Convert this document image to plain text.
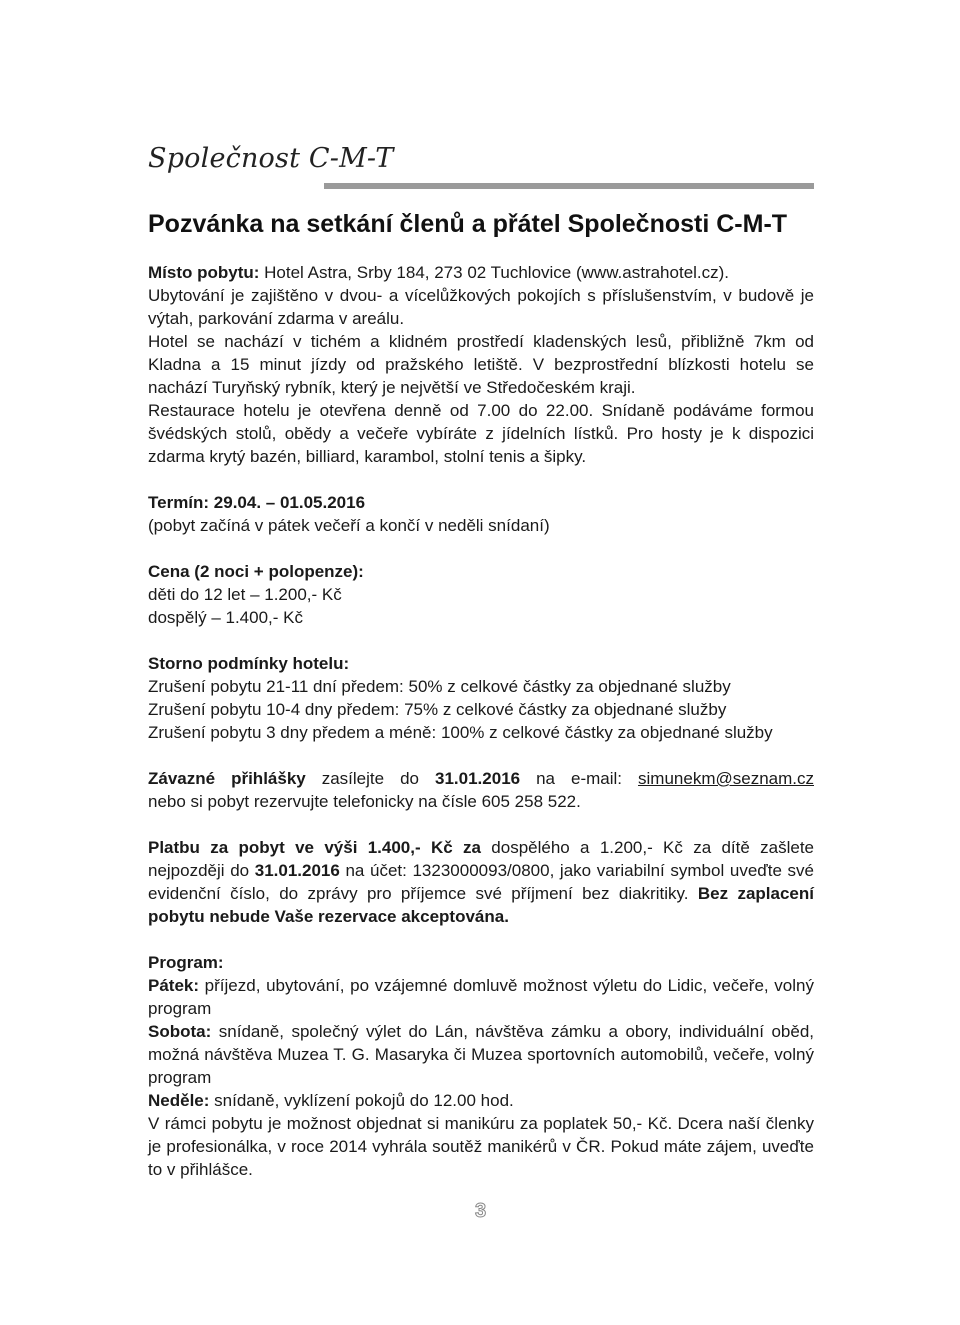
Společnost C-M-T
Pozvánka na setkání členů a přátel Společnosti C-M-T

Místo pobytu: Hotel Astra, Srby 184, 273 02 Tuchlovice (www.astrahotel.cz).

Ubytování je zajištěno v dvou- a vícelůžkových pokojích s příslušenstvím, v budově je výtah, parkování zdarma v areálu.

Hotel se nachází v tichém a klidném prostředí kladenských lesů, přibližně 7km od Kladna a 15 minut jízdy od pražského letiště. V bezprostřední blízkosti hotelu se nachází Turyňský rybník, který je největší ve Středočeském kraji.

Restaurace hotelu je otevřena denně od 7.00 do 22.00. Snídaně podáváme formou švédských stolů, obědy a večeře vybíráte z jídelních lístků. Pro hosty je k dispozici zdarma krytý bazén, billiard, karambol, stolní tenis a šipky.

Termín: 29.04. – 01.05.2016

(pobyt začíná v pátek večeří a končí v neděli snídaní)

Cena (2 noci + polopenze):

děti do 12 let – 1.200,- Kč

dospělý – 1.400,- Kč

Storno podmínky hotelu:

Zrušení pobytu 21-11 dní předem: 50% z celkové částky za objednané služby

Zrušení pobytu 10-4 dny předem: 75% z celkové částky za objednané služby

Zrušení pobytu 3 dny předem a méně: 100% z celkové částky za objednané služby

Závazné přihlášky zasílejte do 31.01.2016 na e-mail: simunekm@seznam.cz

nebo si pobyt rezervujte telefonicky na čísle 605 258 522.

Platbu za pobyt ve výši 1.400,- Kč za dospělého a 1.200,- Kč za dítě zašlete nejpozději do 31.01.2016 na účet: 1323000093/0800, jako variabilní symbol uveďte své evidenční číslo, do zprávy pro příjemce své příjmení bez diakritiky. Bez zaplacení pobytu nebude Vaše rezervace akceptována.

Program:

Pátek: příjezd, ubytování, po vzájemné domluvě možnost výletu do Lidic, večeře, volný program

Sobota: snídaně, společný výlet do Lán, návštěva zámku a obory, individuální oběd, možná návštěva Muzea T. G. Masaryka či Muzea sportovních automobilů, večeře, volný program

Neděle: snídaně, vyklízení pokojů do 12.00 hod.

V rámci pobytu je možnost objednat si manikúru za poplatek 50,- Kč. Dcera naší členky je profesionálka, v roce 2014 vyhrála soutěž manikérů v ČR. Pokud máte zájem, uveďte to v přihlášce.

3
